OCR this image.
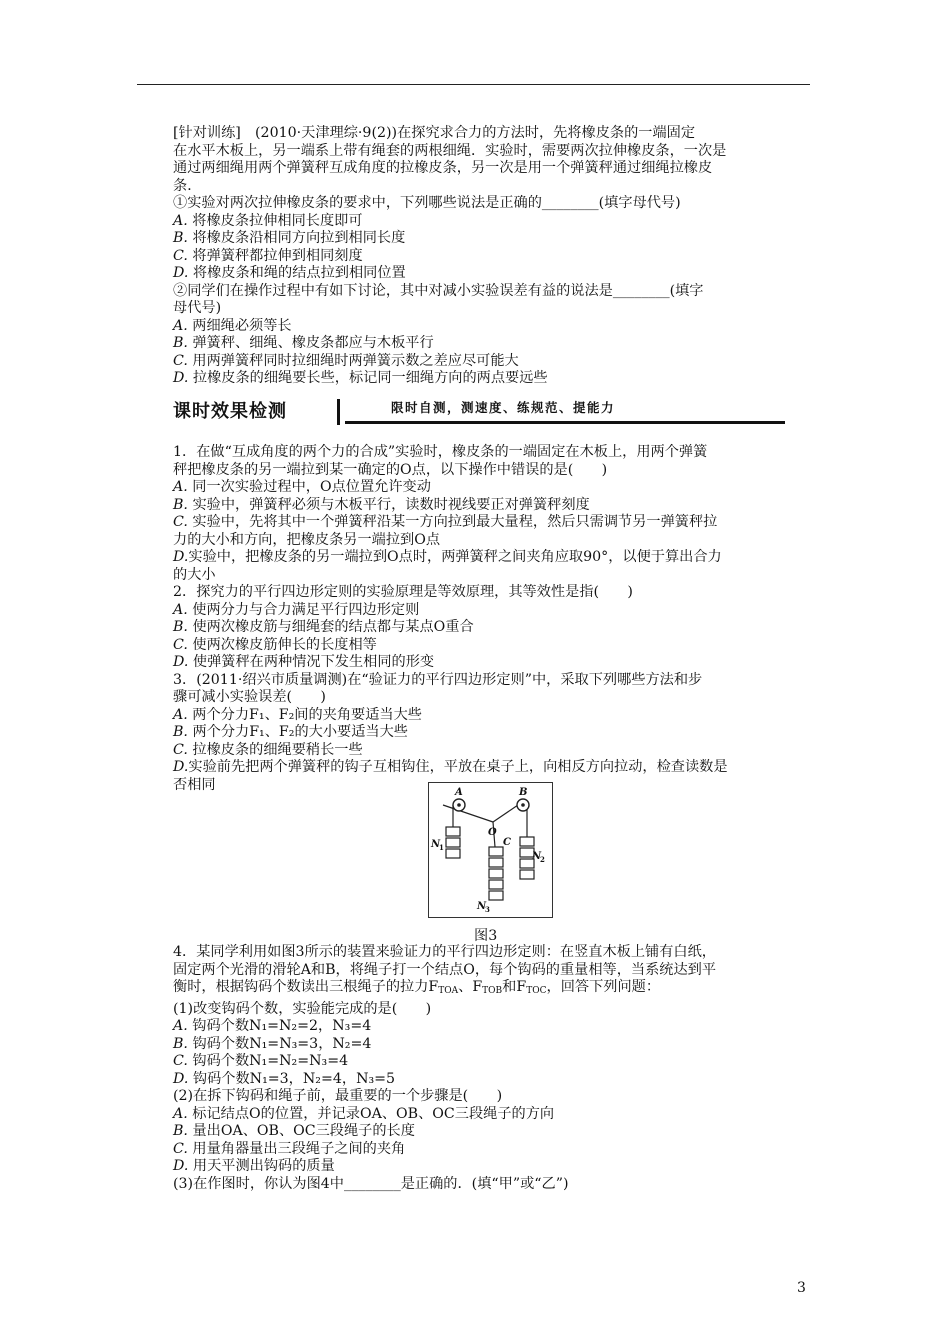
[针对训练]　(2010·天津理综·9(2))在探究求合力的方法时，先将橡皮条的一端固定

在水平木板上，另一端系上带有绳套的两根细绳．实验时，需要两次拉伸橡皮条，一次是

通过两细绳用两个弹簧秤互成角度的拉橡皮条，另一次是用一个弹簧秤通过细绳拉橡皮

条．

①实验对两次拉伸橡皮条的要求中，下列哪些说法是正确的________(填字母代号)

A. 将橡皮条拉伸相同长度即可

B. 将橡皮条沿相同方向拉到相同长度

C. 将弹簧秤都拉伸到相同刻度

D. 将橡皮条和绳的结点拉到相同位置

②同学们在操作过程中有如下讨论，其中对减小实验误差有益的说法是________(填字

母代号)

A. 两细绳必须等长

B. 弹簧秤、细绳、橡皮条都应与木板平行

C. 用两弹簧秤同时拉细绳时两弹簧示数之差应尽可能大

D. 拉橡皮条的细绳要长些，标记同一细绳方向的两点要远些

课时效果检测	限时自测，测速度、练规范、提能力

1．在做“互成角度的两个力的合成”实验时，橡皮条的一端固定在木板上，用两个弹簧

秤把橡皮条的另一端拉到某一确定的O点，以下操作中错误的是(　　)

A. 同一次实验过程中，O点位置允许变动

B. 实验中，弹簧秤必须与木板平行，读数时视线要正对弹簧秤刻度

C. 实验中，先将其中一个弹簧秤沿某一方向拉到最大量程，然后只需调节另一弹簧秤拉

力的大小和方向，把橡皮条另一端拉到O点

D.实验中，把橡皮条的另一端拉到O点时，两弹簧秤之间夹角应取90°，以便于算出合力

的大小

2．探究力的平行四边形定则的实验原理是等效原理，其等效性是指(　　)

A. 使两分力与合力满足平行四边形定则

B. 使两次橡皮筋与细绳套的结点都与某点O重合

C. 使两次橡皮筋伸长的长度相等

D. 使弹簧秤在两种情况下发生相同的形变

3．(2011·绍兴市质量调测)在“验证力的平行四边形定则”中，采取下列哪些方法和步

骤可减小实验误差(　　)

A. 两个分力F₁、F₂间的夹角要适当大些

B. 两个分力F₁、F₂的大小要适当大些

C. 拉橡皮条的细绳要稍长一些

D.实验前先把两个弹簧秤的钩子互相钩住，平放在桌子上，向相反方向拉动，检查读数是

否相同	A	B
O
C
N
N
N
1
2
3
图3

4．某同学利用如图3所示的装置来验证力的平行四边形定则：在竖直木板上铺有白纸，

固定两个光滑的滑轮A和B，将绳子打一个结点O，每个钩码的重量相等，当系统达到平

衡时，根据钩码个数读出三根绳子的拉力$F_{TOA}$、$F_{TOB}$和$F_{TOC}$，回答下列问题：

(1)改变钩码个数，实验能完成的是(　　)

A. 钩码个数N₁=N₂=2，N₃=4

B. 钩码个数N₁=N₃=3，N₂=4

C. 钩码个数N₁=N₂=N₃=4

D. 钩码个数N₁=3，N₂=4，N₃=5

(2)在拆下钩码和绳子前，最重要的一个步骤是(　　)

A. 标记结点O的位置，并记录OA、OB、OC三段绳子的方向

B. 量出OA、OB、OC三段绳子的长度

C. 用量角器量出三段绳子之间的夹角

D. 用天平测出钩码的质量

(3)在作图时，你认为图4中________是正确的．(填“甲”或“乙”)

3
